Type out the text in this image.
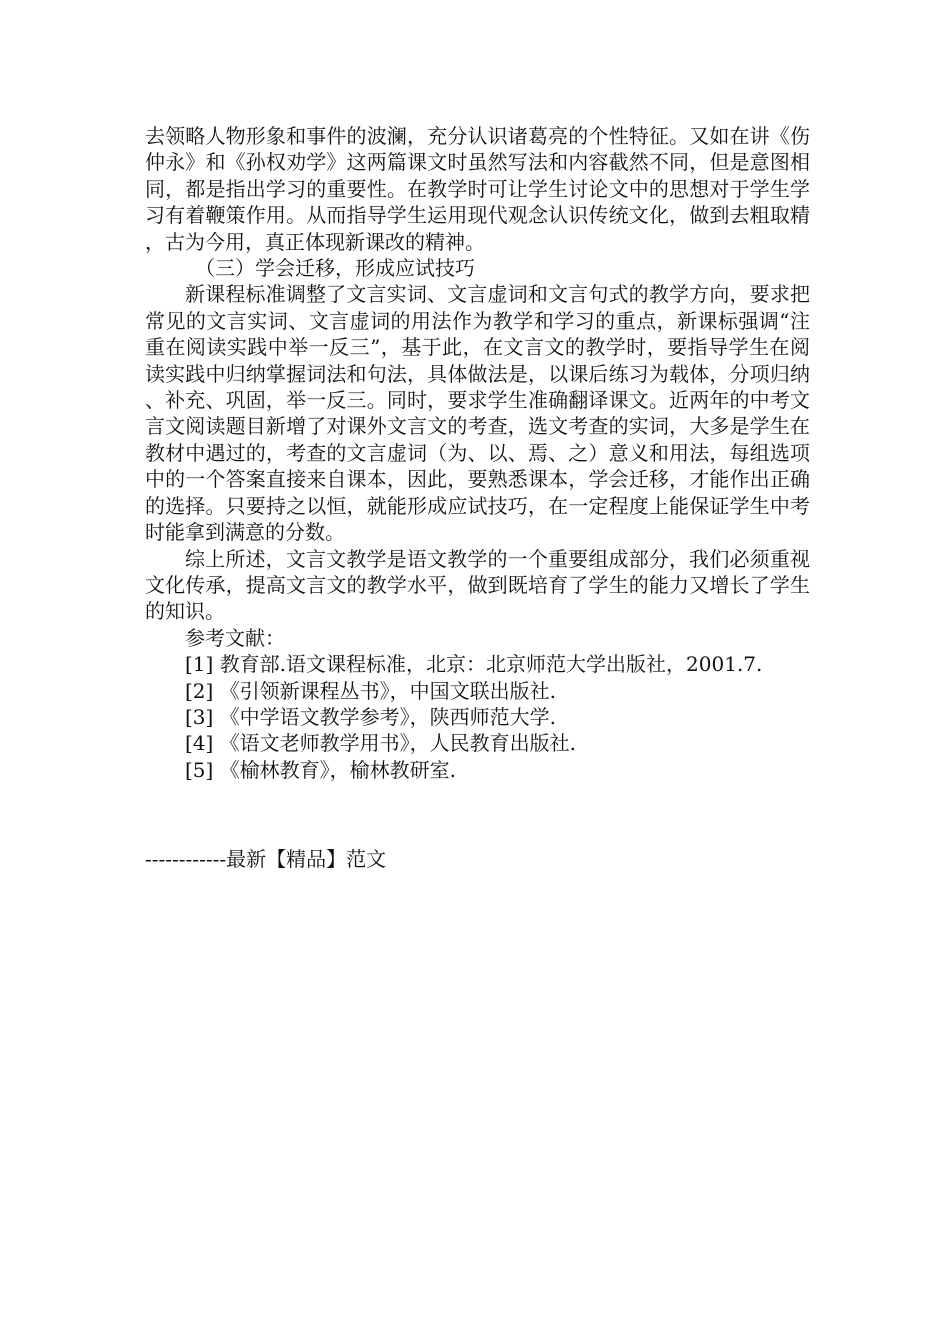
去领略人物形象和事件的波澜，充分认识诸葛亮的个性特征。又如在讲《伤仲永》和《孙权劝学》这两篇课文时虽然写法和内容截然不同，但是意图相同，都是指出学习的重要性。在教学时可让学生讨论文中的思想对于学生学习有着鞭策作用。从而指导学生运用现代观念认识传统文化，做到去粗取精，古为今用，真正体现新课改的精神。

（三）学会迁移，形成应试技巧

新课程标准调整了文言实词、文言虚词和文言句式的教学方向，要求把常见的文言实词、文言虚词的用法作为教学和学习的重点，新课标强调“注重在阅读实践中举一反三”，基于此，在文言文的教学时，要指导学生在阅读实践中归纳掌握词法和句法，具体做法是，以课后练习为载体，分项归纳、补充、巩固，举一反三。同时，要求学生准确翻译课文。近两年的中考文言文阅读题目新增了对课外文言文的考查，选文考查的实词，大多是学生在教材中遇过的，考查的文言虚词（为、以、焉、之）意义和用法，每组选项中的一个答案直接来自课本，因此，要熟悉课本，学会迁移，才能作出正确的选择。只要持之以恒，就能形成应试技巧，在一定程度上能保证学生中考时能拿到满意的分数。

综上所述，文言文教学是语文教学的一个重要组成部分，我们必须重视文化传承，提高文言文的教学水平，做到既培育了学生的能力又增长了学生的知识。

参考文献：

[1] 教育部.语文课程标准，北京：北京师范大学出版社，2001.7.

[2] 《引领新课程丛书》，中国文联出版社.

[3] 《中学语文教学参考》，陕西师范大学.

[4] 《语文老师教学用书》，人民教育出版社.

[5] 《榆林教育》，榆林教研室.

------------最新【精品】范文
